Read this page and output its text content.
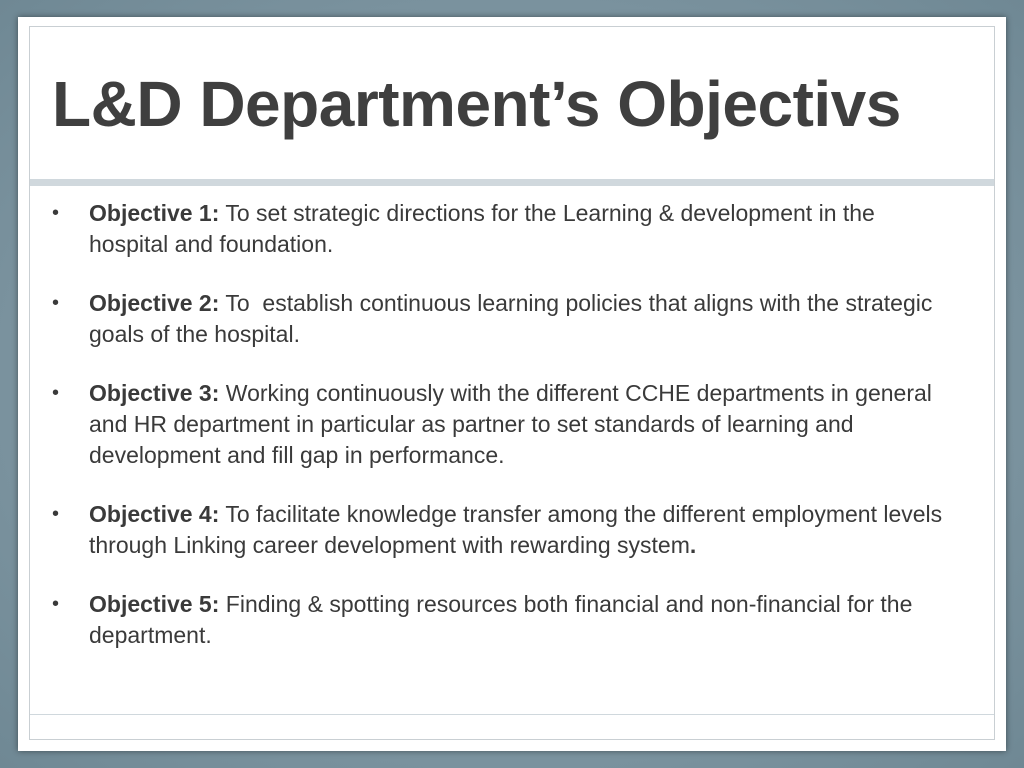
L&D Department’s Objectivs
• Objective 1: To set strategic directions for the Learning & development in the hospital and foundation.
• Objective 2: To  establish continuous learning policies that aligns with the strategic goals of the hospital.
• Objective 3: Working continuously with the different CCHE departments in general and HR department in particular as partner to set standards of learning and development and fill gap in performance.
• Objective 4: To facilitate knowledge transfer among the different employment levels through Linking career development with rewarding system.
• Objective 5: Finding & spotting resources both financial and non-financial for the department.
